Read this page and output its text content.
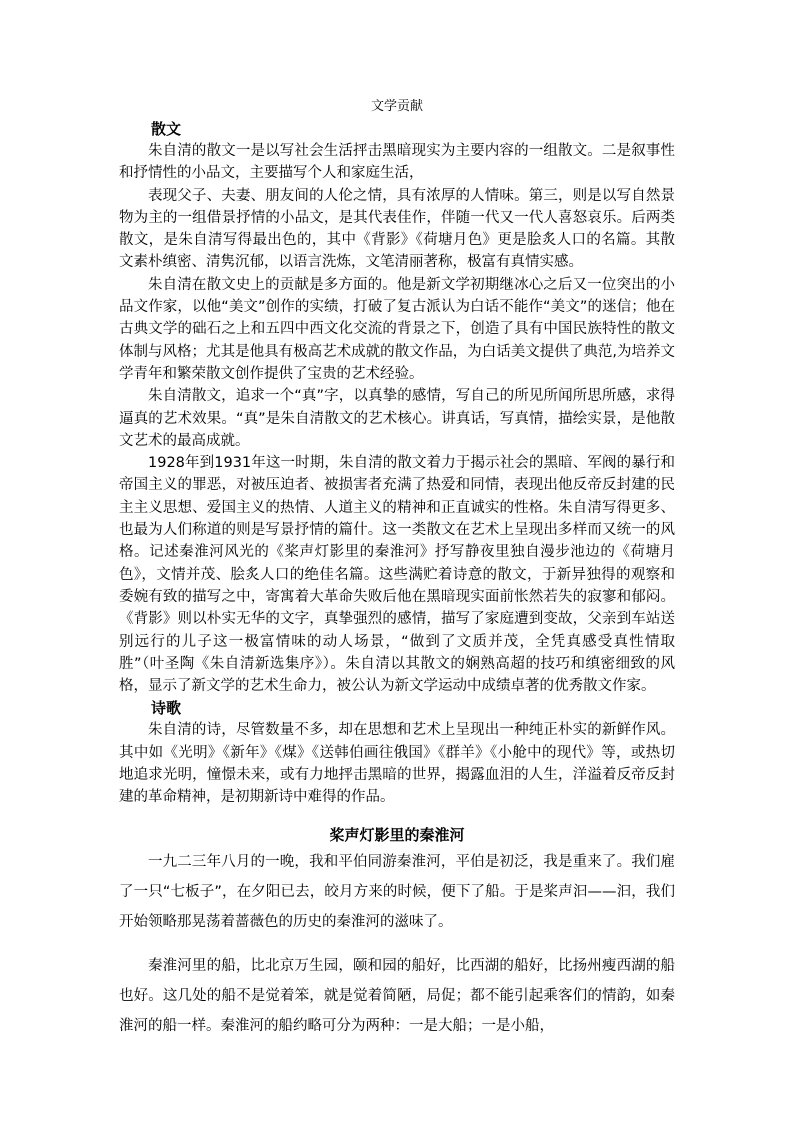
文学贡献
散文

朱自清的散文一是以写社会生活抨击黑暗现实为主要内容的一组散文。二是叙事性和抒情性的小品文，主要描写个人和家庭生活，

表现父子、夫妻、朋友间的人伦之情，具有浓厚的人情味。第三，则是以写自然景物为主的一组借景抒情的小品文，是其代表佳作，伴随一代又一代人喜怒哀乐。后两类散文，是朱自清写得最出色的，其中《背影》《荷塘月色》更是脍炙人口的名篇。其散文素朴缜密、清隽沉郁，以语言洗炼，文笔清丽著称，极富有真情实感。

朱自清在散文史上的贡献是多方面的。他是新文学初期继冰心之后又一位突出的小品文作家，以他“美文”创作的实绩，打破了复古派认为白话不能作“美文”的迷信；他在古典文学的础石之上和五四中西文化交流的背景之下，创造了具有中国民族特性的散文体制与风格；尤其是他具有极高艺术成就的散文作品，为白话美文提供了典范,为培养文学青年和繁荣散文创作提供了宝贵的艺术经验。

朱自清散文，追求一个“真”字，以真挚的感情，写自己的所见所闻所思所感，求得逼真的艺术效果。“真”是朱自清散文的艺术核心。讲真话，写真情，描绘实景，是他散文艺术的最高成就。

1928年到1931年这一时期，朱自清的散文着力于揭示社会的黑暗、军阀的暴行和帝国主义的罪恶，对被压迫者、被损害者充满了热爱和同情，表现出他反帝反封建的民主主义思想、爱国主义的热情、人道主义的精神和正直诚实的性格。朱自清写得更多、也最为人们称道的则是写景抒情的篇什。这一类散文在艺术上呈现出多样而又统一的风格。记述秦淮河风光的《桨声灯影里的秦淮河》抒写静夜里独自漫步池边的《荷塘月色》，文情并茂、脍炙人口的绝佳名篇。这些满贮着诗意的散文，于新异独得的观察和委婉有致的描写之中，寄寓着大革命失败后他在黑暗现实面前怅然若失的寂寥和郁闷。《背影》则以朴实无华的文字，真挚强烈的感情，描写了家庭遭到变故，父亲到车站送别远行的儿子这一极富情味的动人场景，“做到了文质并茂，全凭真感受真性情取胜”（叶圣陶《朱自清新选集序》）。朱自清以其散文的娴熟高超的技巧和缜密细致的风格，显示了新文学的艺术生命力，被公认为新文学运动中成绩卓著的优秀散文作家。

诗歌

朱自清的诗，尽管数量不多，却在思想和艺术上呈现出一种纯正朴实的新鲜作风。其中如《光明》《新年》《煤》《送韩伯画往俄国》《群羊》《小舱中的现代》等，或热切地追求光明，憧憬未来，或有力地抨击黑暗的世界，揭露血泪的人生，洋溢着反帝反封建的革命精神，是初期新诗中难得的作品。

桨声灯影里的秦淮河

一九二三年八月的一晚，我和平伯同游秦淮河，平伯是初泛，我是重来了。我们雇了一只“七板子”，在夕阳已去，皎月方来的时候，便下了船。于是桨声汩——汩，我们开始领略那晃荡着蔷薇色的历史的秦淮河的滋味了。

秦淮河里的船，比北京万生园，颐和园的船好，比西湖的船好，比扬州瘦西湖的船也好。这几处的船不是觉着笨，就是觉着简陋，局促；都不能引起乘客们的情韵，如秦淮河的船一样。秦淮河的船约略可分为两种：一是大船；一是小船，
